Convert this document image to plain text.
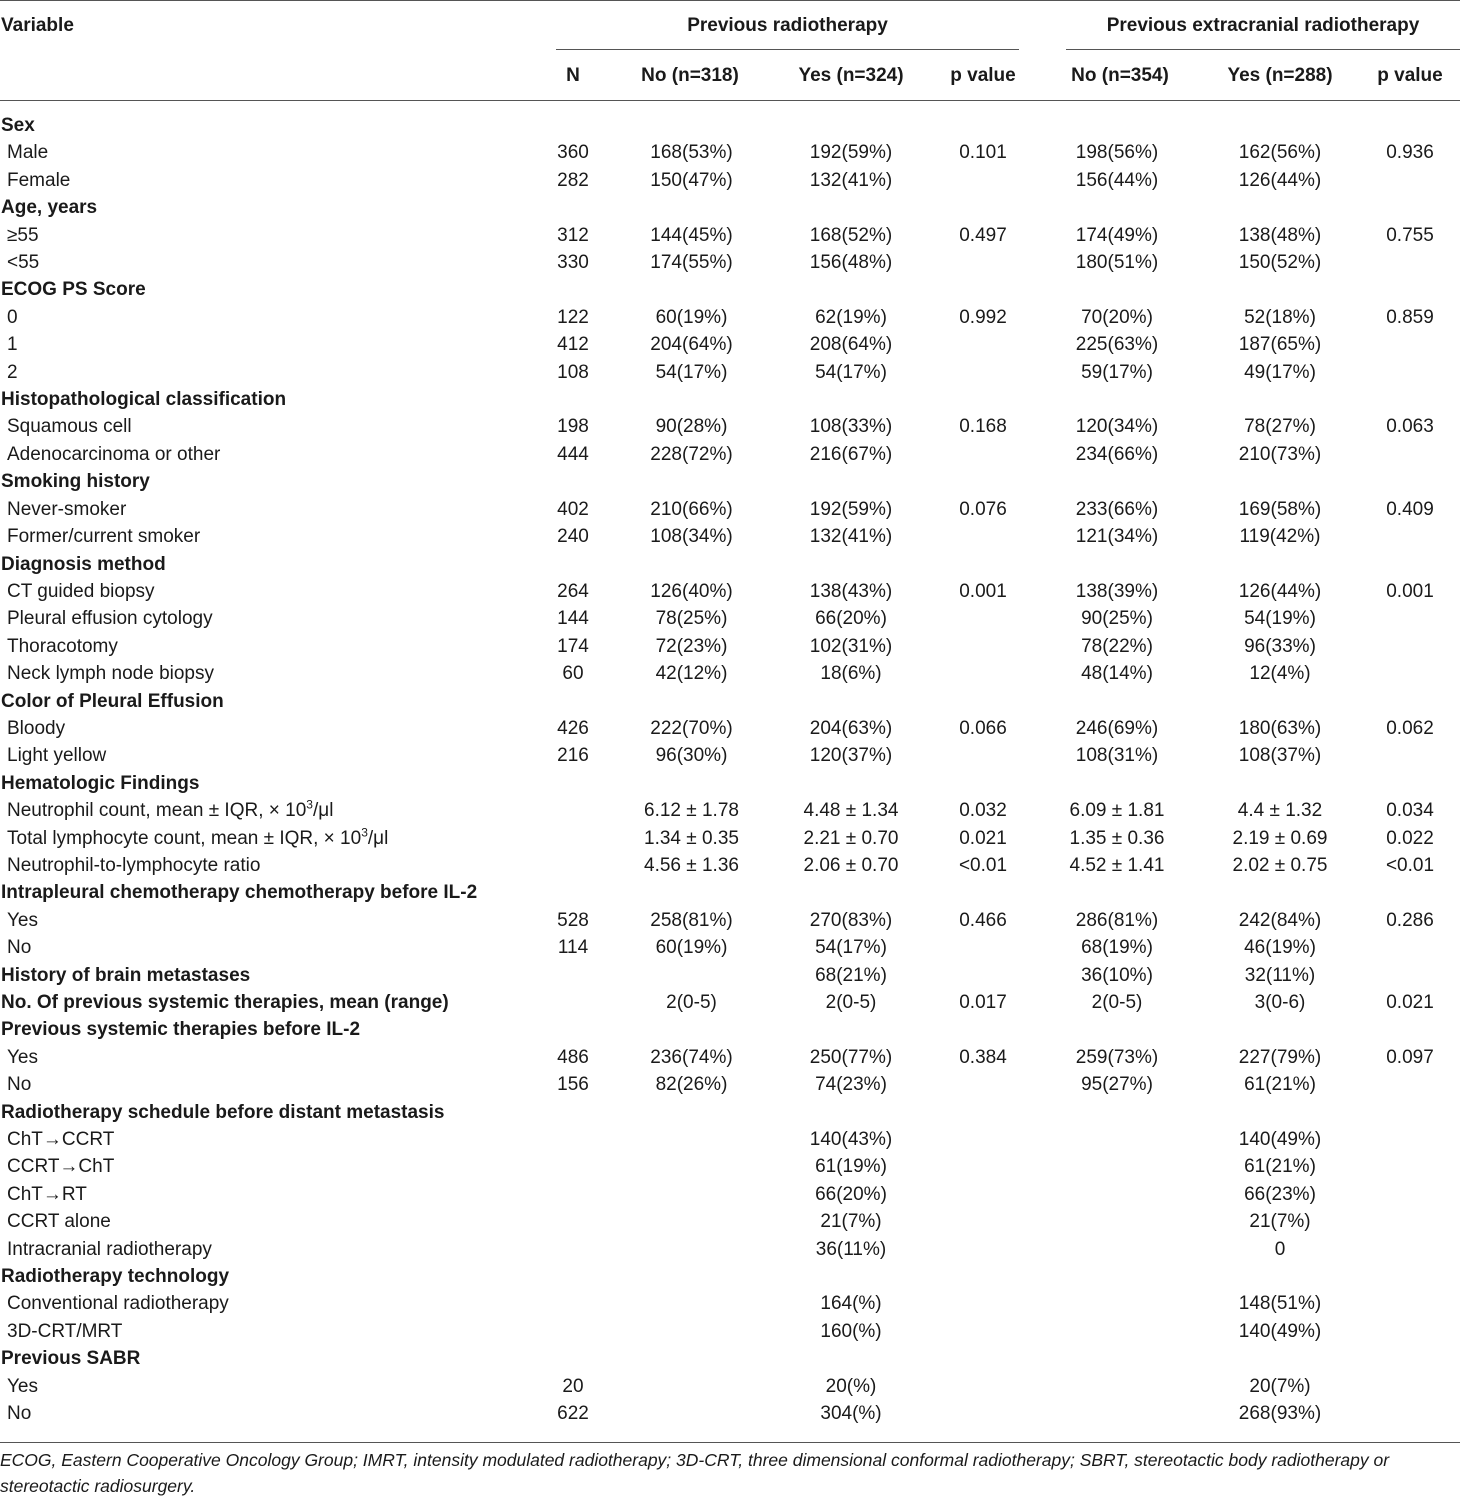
Variable	Previous radiotherapy	Previous extracranial radiotherapy
N	No (n=318)	Yes (n=324)	p value	No (n=354)	Yes (n=288)	p value
Sex							
Male	360	168(53%)	192(59%)	0.101	198(56%)	162(56%)	0.936
Female	282	150(47%)	132(41%)		156(44%)	126(44%)	
Age, years							
≥55	312	144(45%)	168(52%)	0.497	174(49%)	138(48%)	0.755
<55	330	174(55%)	156(48%)		180(51%)	150(52%)	
ECOG PS Score							
0	122	60(19%)	62(19%)	0.992	70(20%)	52(18%)	0.859
1	412	204(64%)	208(64%)		225(63%)	187(65%)	
2	108	54(17%)	54(17%)		59(17%)	49(17%)	
Histopathological classification							
Squamous cell	198	90(28%)	108(33%)	0.168	120(34%)	78(27%)	0.063
Adenocarcinoma or other	444	228(72%)	216(67%)		234(66%)	210(73%)	
Smoking history							
Never-smoker	402	210(66%)	192(59%)	0.076	233(66%)	169(58%)	0.409
Former/current smoker	240	108(34%)	132(41%)		121(34%)	119(42%)	
Diagnosis method							
CT guided biopsy	264	126(40%)	138(43%)	0.001	138(39%)	126(44%)	0.001
Pleural effusion cytology	144	78(25%)	66(20%)		90(25%)	54(19%)	
Thoracotomy	174	72(23%)	102(31%)		78(22%)	96(33%)	
Neck lymph node biopsy	60	42(12%)	18(6%)		48(14%)	12(4%)	
Color of Pleural Effusion							
Bloody	426	222(70%)	204(63%)	0.066	246(69%)	180(63%)	0.062
Light yellow	216	96(30%)	120(37%)		108(31%)	108(37%)	
Hematologic Findings							
Neutrophil count, mean ± IQR, × $10^3/\mu l$		6.12 ± 1.78	4.48 ± 1.34	0.032	6.09 ± 1.81	4.4 ± 1.32	0.034
Total lymphocyte count, mean ± IQR, × $10^3/\mu l$		1.34 ± 0.35	2.21 ± 0.70	0.021	1.35 ± 0.36	2.19 ± 0.69	0.022
Neutrophil-to-lymphocyte ratio		4.56 ± 1.36	2.06 ± 0.70	<0.01	4.52 ± 1.41	2.02 ± 0.75	<0.01
Intrapleural chemotherapy chemotherapy before IL-2							
Yes	528	258(81%)	270(83%)	0.466	286(81%)	242(84%)	0.286
No	114	60(19%)	54(17%)		68(19%)	46(19%)	
History of brain metastases			68(21%)		36(10%)	32(11%)	
No. Of previous systemic therapies, mean (range)		2(0-5)	2(0-5)	0.017	2(0-5)	3(0-6)	0.021
Previous systemic therapies before IL-2							
Yes	486	236(74%)	250(77%)	0.384	259(73%)	227(79%)	0.097
No	156	82(26%)	74(23%)		95(27%)	61(21%)	
Radiotherapy schedule before distant metastasis							
ChT→CCRT			140(43%)			140(49%)	
CCRT→ChT			61(19%)			61(21%)	
ChT→RT			66(20%)			66(23%)	
CCRT alone			21(7%)			21(7%)	
Intracranial radiotherapy			36(11%)			0	
Radiotherapy technology							
Conventional radiotherapy			164(%)			148(51%)	
3D-CRT/MRT			160(%)			140(49%)	
Previous SABR							
Yes	20		20(%)			20(7%)	
No	622		304(%)			268(93%)	
ECOG, Eastern Cooperative Oncology Group; IMRT, intensity modulated radiotherapy; 3D-CRT, three dimensional conformal radiotherapy; SBRT, stereotactic body radiotherapy or stereotactic radiosurgery.
